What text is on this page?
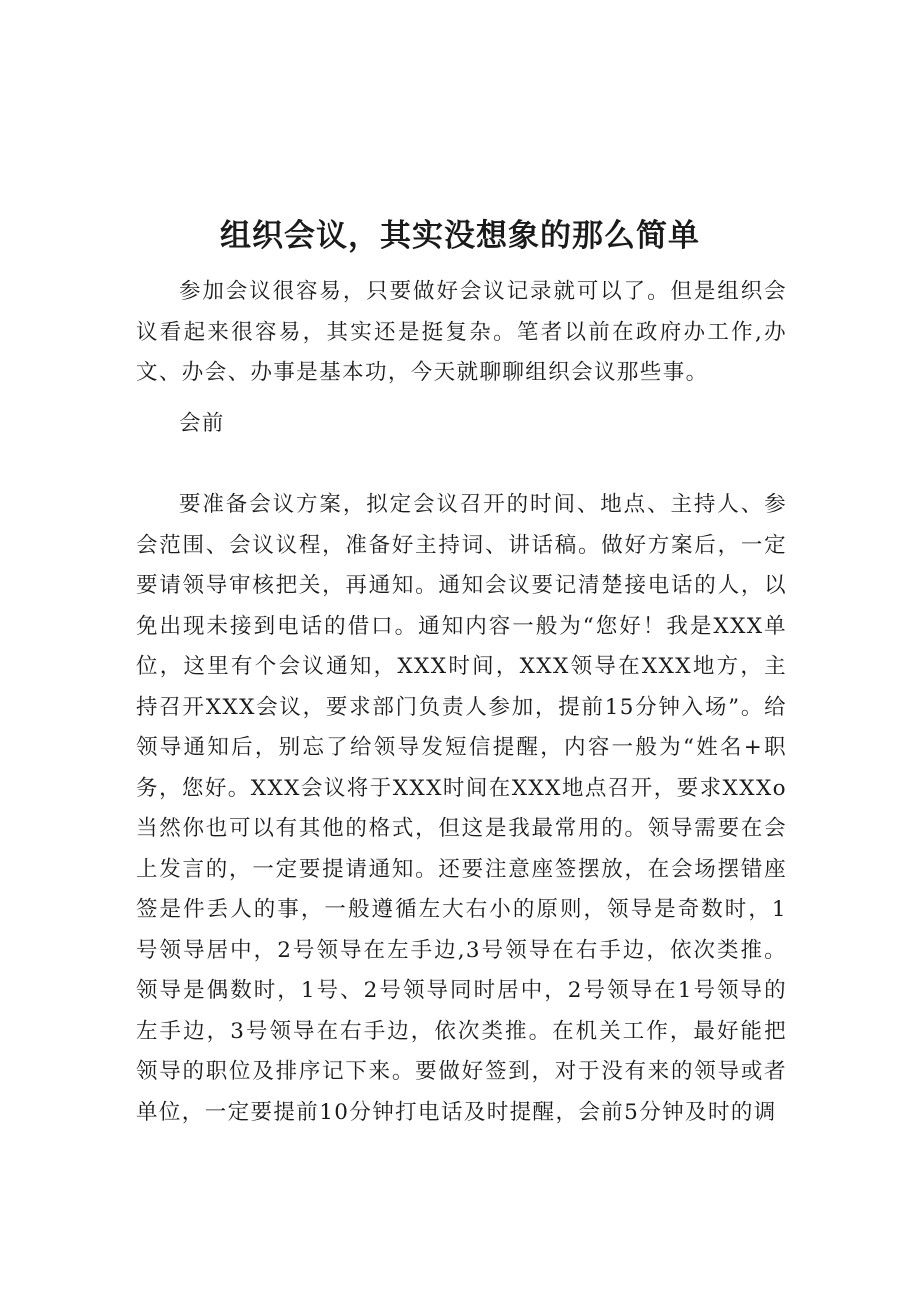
组织会议，其实没想象的那么简单

参加会议很容易，只要做好会议记录就可以了。但是组织会议看起来很容易，其实还是挺复杂。笔者以前在政府办工作,办文、办会、办事是基本功，今天就聊聊组织会议那些事。

会前

要准备会议方案，拟定会议召开的时间、地点、主持人、参会范围、会议议程，准备好主持词、讲话稿。做好方案后，一定要请领导审核把关，再通知。通知会议要记清楚接电话的人，以免出现未接到电话的借口。通知内容一般为“您好！我是XXX单位，这里有个会议通知，XXX时间，XXX领导在XXX地方，主持召开XXX会议，要求部门负责人参加，提前15分钟入场”。给领导通知后，别忘了给领导发短信提醒，内容一般为“姓名+职务，您好。XXX会议将于XXX时间在XXX地点召开，要求XXXo当然你也可以有其他的格式，但这是我最常用的。领导需要在会上发言的，一定要提请通知。还要注意座签摆放，在会场摆错座签是件丢人的事，一般遵循左大右小的原则，领导是奇数时，1号领导居中，2号领导在左手边,3号领导在右手边，依次类推。领导是偶数时，1号、2号领导同时居中，2号领导在1号领导的左手边，3号领导在右手边，依次类推。在机关工作，最好能把领导的职位及排序记下来。要做好签到，对于没有来的领导或者单位，一定要提前10分钟打电话及时提醒，会前5分钟及时的调
